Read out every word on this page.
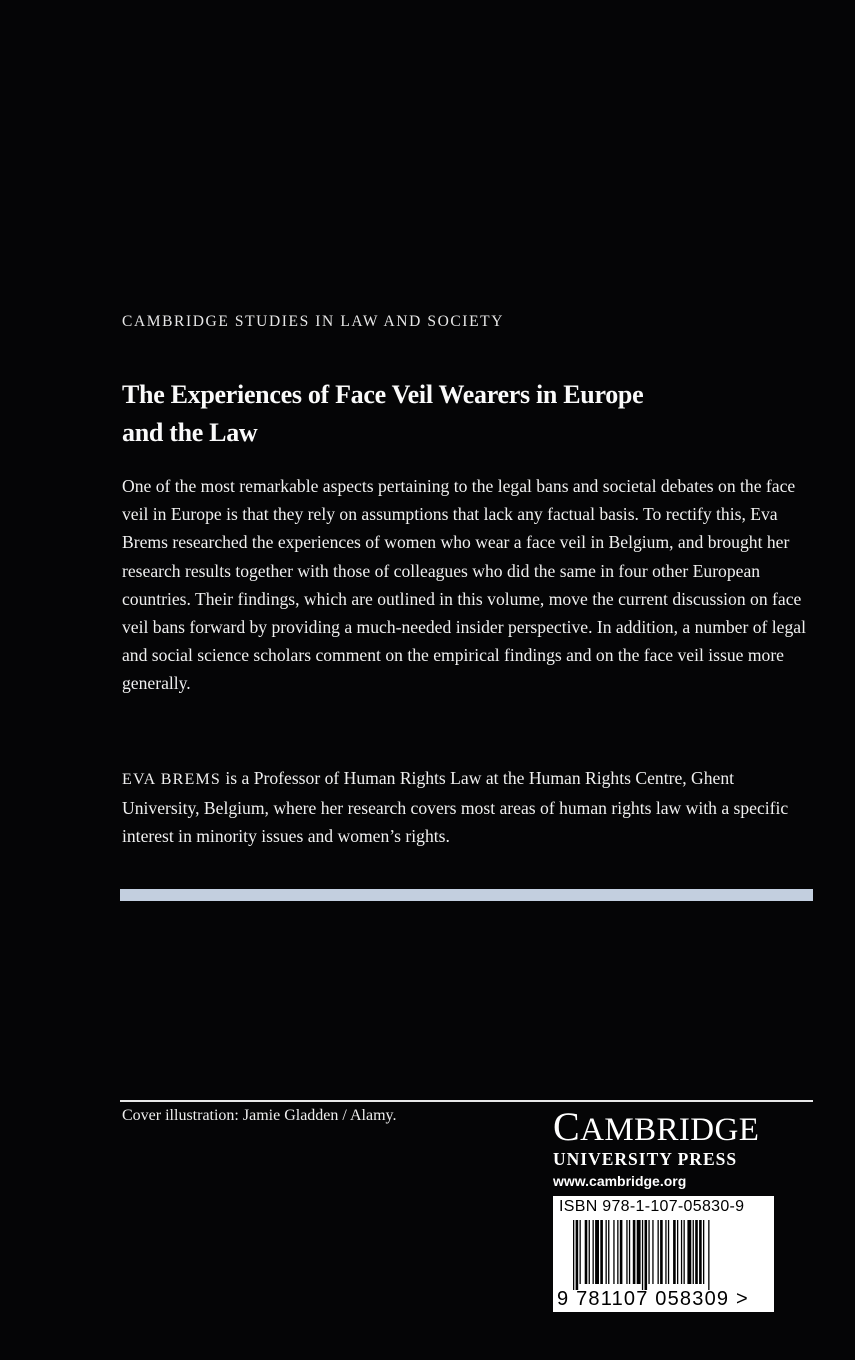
CAMBRIDGE STUDIES IN LAW AND SOCIETY
The Experiences of Face Veil Wearers in Europe
and the Law
One of the most remarkable aspects pertaining to the legal bans and societal debates on the face veil in Europe is that they rely on assumptions that lack any factual basis. To rectify this, Eva Brems researched the experiences of women who wear a face veil in Belgium, and brought her research results together with those of colleagues who did the same in four other European countries. Their findings, which are outlined in this volume, move the current discussion on face veil bans forward by providing a much-needed insider perspective. In addition, a number of legal and social science scholars comment on the empirical findings and on the face veil issue more generally.
EVA BREMS is a Professor of Human Rights Law at the Human Rights Centre, Ghent University, Belgium, where her research covers most areas of human rights law with a specific interest in minority issues and women’s rights.
Cover illustration: Jamie Gladden / Alamy.	CAMBRIDGE
UNIVERSITY PRESS
www.cambridge.org
ISBN 978-1-107-05830-9
9 781107 058309 >
